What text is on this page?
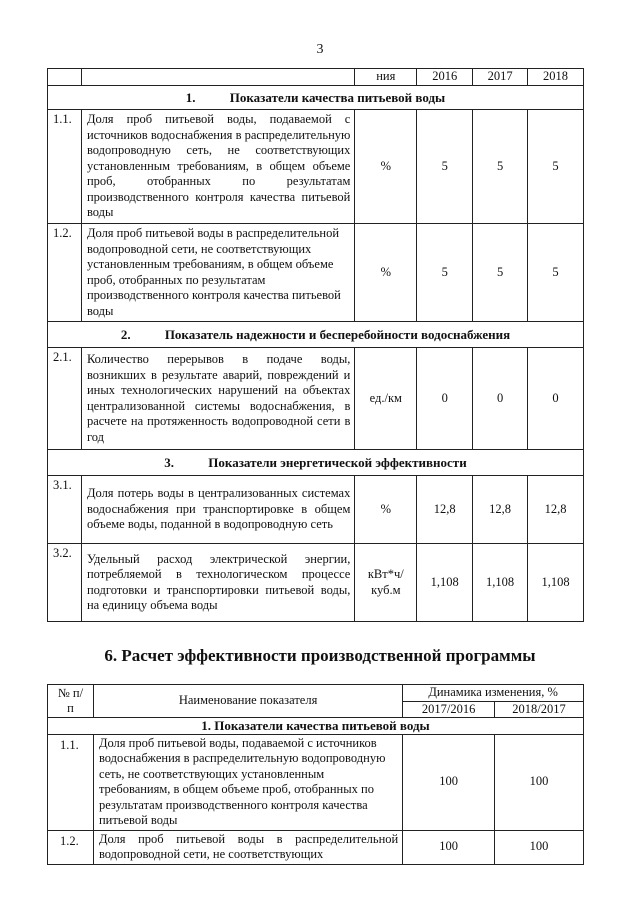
3
		ния	2016	2017	2018
1. Показатели качества питьевой воды					
1.1.	Доля проб питьевой воды, подаваемой с источников водоснабжения в распределительную водопроводную сеть, не соответствующих установленным требованиям, в общем объеме проб, отобранных по результатам производственного контроля качества питьевой воды	%	5	5	5
1.2.	Доля проб питьевой воды в распределительной водопроводной сети, не соответствующих установленным требованиям, в общем объеме проб, отобранных по результатам производственного контроля качества питьевой воды	%	5	5	5
2. Показатель надежности и бесперебойности водоснабжения					
2.1.	Количество перерывов в подаче воды, возникших в результате аварий, повреждений и иных технологических нарушений на объектах централизованной системы водоснабжения, в расчете на протяженность водопроводной сети в год	ед./км	0	0	0
3. Показатели энергетической эффективности					
3.1.	Доля потерь воды в централизованных системах водоснабжения при транспортировке в общем объеме воды, поданной в водопроводную сеть	%	12,8	12,8	12,8
3.2.	Удельный расход электрической энергии, потребляемой в технологическом процессе подготовки и транспортировки питьевой воды, на единицу объема воды	кВт*ч/ куб.м	1,108	1,108	1,108
6. Расчет эффективности производственной программы
№ п/п	Наименование показателя	Динамика изменения, %	
		2017/2016	2018/2017
1. Показатели качества питьевой воды			
1.1.	Доля проб питьевой воды, подаваемой с источников водоснабжения в распределительную водопроводную сеть, не соответствующих установленным требованиям, в общем объеме проб, отобранных по результатам производственного контроля качества питьевой воды	100	100
1.2.	Доля проб питьевой воды в распределительной водопроводной сети, не соответствующих	100	100
